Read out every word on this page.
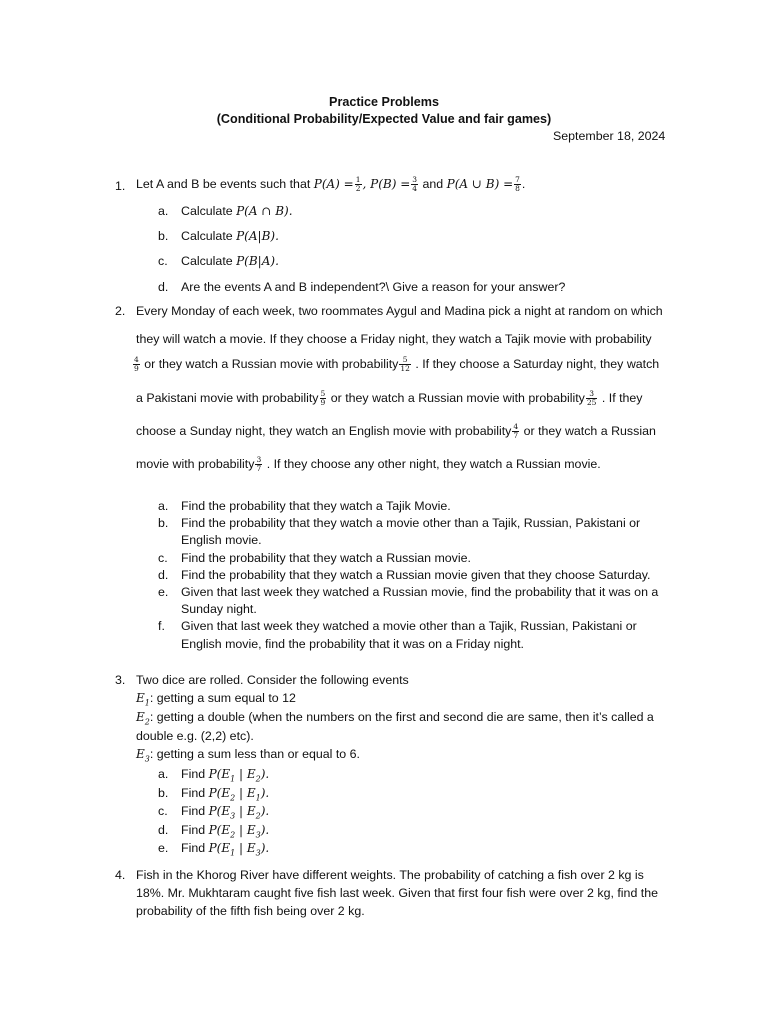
Practice Problems
(Conditional Probability/Expected Value and fair games)
September 18, 2024
1. Let A and B be events such that $P(A) = \frac{1}{2}$ , $P(B) = \frac{3}{4}$ and P(A ∪ $B) = \frac{7}{8}$ .
a. Calculate P(A ∩ B).
b. Calculate P(A|B).
c. Calculate P(B|A).
d. Are the events A and B independent?\ Give a reason for your answer?
2. Every Monday of each week, two roommates Aygul and Madina pick a night at random on which
they will watch a movie. If they choose a Friday night, they watch a Tajik movie with probability
$\frac{4}{9}$ or they watch a Russian movie with probability $\frac{5}{12}$ . If they choose a Saturday night, they watch
a Pakistani movie with probability $\frac{5}{9}$ or they watch a Russian movie with probability $\frac{3}{25}$ . If they
choose a Sunday night, they watch an English movie with probability $\frac{4}{7}$ or they watch a Russian
movie with probability $\frac{3}{7}$ . If they choose any other night, they watch a Russian movie.
a. Find the probability that they watch a Tajik Movie.
b. Find the probability that they watch a movie other than a Tajik, Russian, Pakistani or
English movie.
c. Find the probability that they watch a Russian movie.
d. Find the probability that they watch a Russian movie given that they choose Saturday.
e. Given that last week they watched a Russian movie, find the probability that it was on a
Sunday night.
f. Given that last week they watched a movie other than a Tajik, Russian, Pakistani or
English movie, find the probability that it was on a Friday night.
3. Two dice are rolled. Consider the following events
$E_1$: getting a sum equal to 12
$E_2$: getting a double (when the numbers on the first and second die are same, then it’s called a
double e.g. (2,2) etc).
$E_3$: getting a sum less than or equal to 6.
a. Find $P(E_1$ | $E_2$).
b. Find $P(E_2$ | $E_1$).
c. Find $P(E_3$ | $E_2$).
d. Find $P(E_2$ | $E_3$).
e. Find $P(E_1$ | $E_3$).
4. Fish in the Khorog River have different weights. The probability of catching a fish over 2 kg is
18%. Mr. Mukhtaram caught five fish last week. Given that first four fish were over 2 kg, find the
probability of the fifth fish being over 2 kg.
